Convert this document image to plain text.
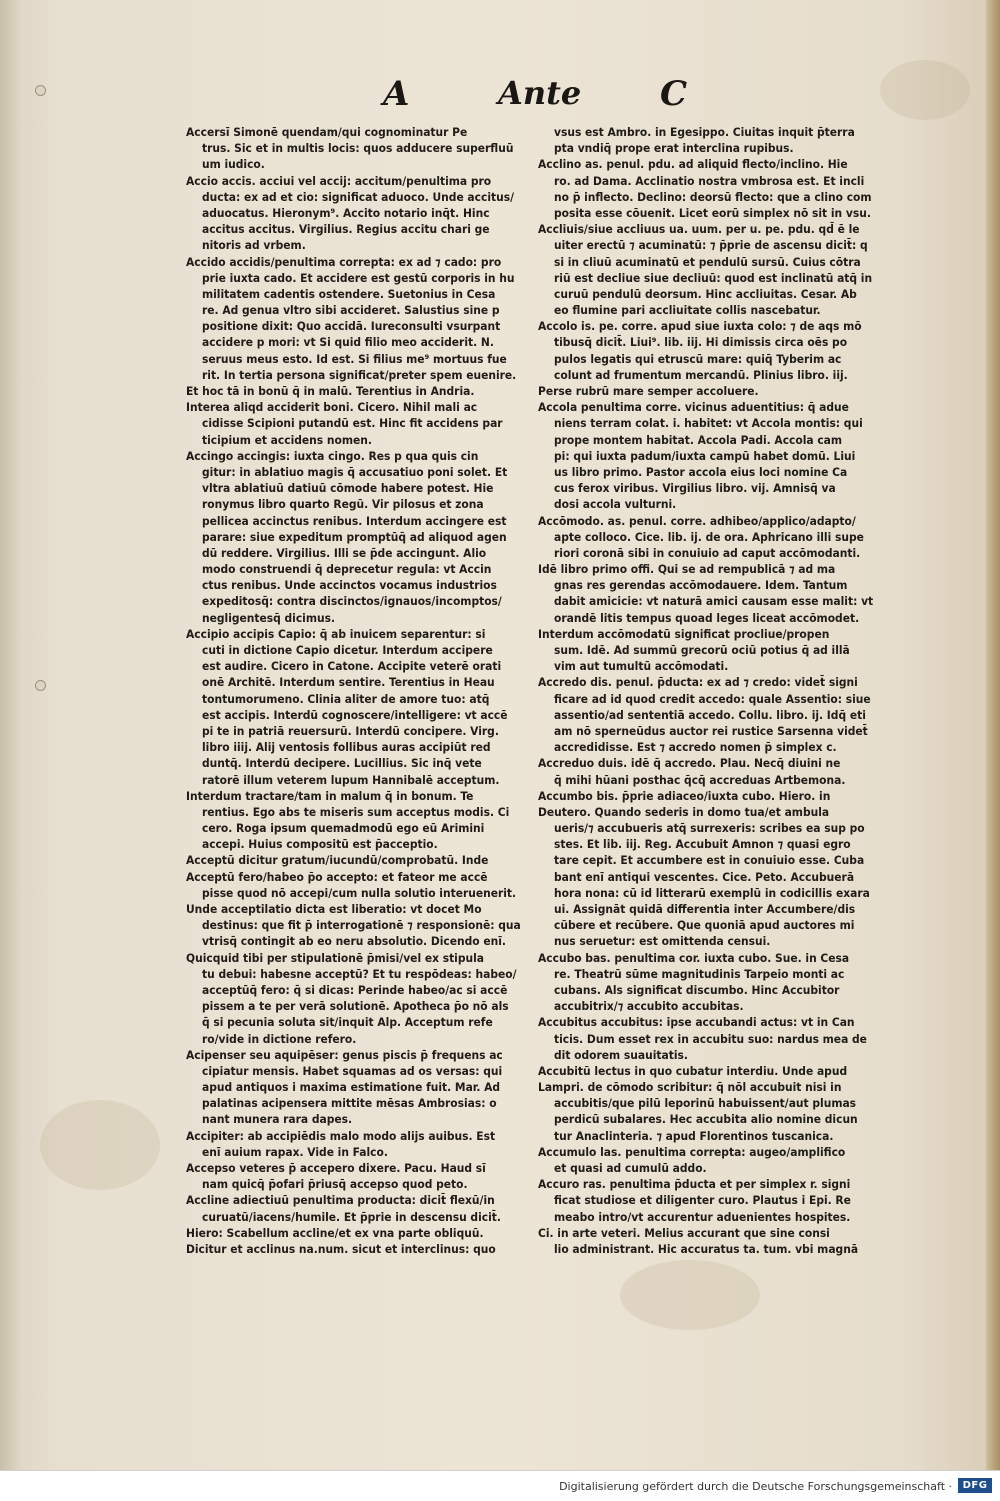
A	Ante C
Accersī Simonē quendam/qui cognominatur Pe
trus. Sic et in multis locis: quos adducere superfluū
um iudico.
Accio accis. acciui vel accij: accitum/penultima pro
ducta: ex ad et cio: significat aduoco. Unde accitus/
aduocatus. Hieronym⁹. Accito notario inq̄t. Hinc
accitus accitus. Virgilius. Regius accitu chari ge
nitoris ad vrbem.
Accido accidis/penultima correpta: ex ad ⁊ cado: pro
prie iuxta cado. Et accidere est gestū corporis in hu
militatem cadentis ostendere. Suetonius in Cesa
re. Ad genua vltro sibi accideret. Salustius sine p
positione dixit: Quo accidā. Iureconsulti vsurpant
accidere p mori: vt Si quid filio meo acciderit. N.
seruus meus esto. Id est. Si filius me⁹ mortuus fue
rit. In tertia persona significat/preter spem euenire.
Et hoc tā in bonū q̄ in malū. Terentius in Andria.
Interea aliqd acciderit boni. Cicero. Nihil mali ac
cidisse Scipioni putandū est. Hinc fit accidens par
ticipium et accidens nomen.
Accingo accingis: iuxta cingo. Res p qua quis cin
gitur: in ablatiuo magis q̄ accusatiuo poni solet. Et
vltra ablatiuū datiuū cōmode habere potest. Hie
ronymus libro quarto Regū. Vir pilosus et zona
pellicea accinctus renibus. Interdum accingere est
parare: siue expeditum promptūq̄ ad aliquod agen
dū reddere. Virgilius. Illi se p̄de accingunt. Alio
modo construendi q̄ deprecetur regula: vt Accin
ctus renibus. Unde accinctos vocamus industrios
expeditosq̄: contra discinctos/ignauos/incomptos/
negligentesq̄ dicimus.
Accipio accipis Capio: q̄ ab inuicem separentur: si
cuti in dictione Capio dicetur. Interdum accipere
est audire. Cicero in Catone. Accipite veterē orati
onē Architē. Interdum sentire. Terentius in Heau
tontumorumeno. Clinia aliter de amore tuo: atq̄
est accipis. Interdū cognoscere/intelligere: vt accē
pi te in patriā reuersurū. Interdū concipere. Virg.
libro iiij. Alij ventosis follibus auras accipiūt red
duntq̄. Interdū decipere. Lucillius. Sic inq̄ vete
ratorē illum veterem lupum Hannibalē acceptum.
Interdum tractare/tam in malum q̄ in bonum. Te
rentius. Ego abs te miseris sum acceptus modis. Ci
cero. Roga ipsum quemadmodū ego eū Arimini
accepi. Huius compositū est p̄acceptio.
Acceptū dicitur gratum/iucundū/comprobatū. Inde
Acceptū fero/habeo p̄o accepto: et fateor me accē
pisse quod nō accepi/cum nulla solutio interuenerit.
Unde acceptilatio dicta est liberatio: vt docet Mo
destinus: que fit p̄ interrogationē ⁊ responsionē: qua
vtrisq̄ contingit ab eo neru absolutio. Dicendo enī.
Quicquid tibi per stipulationē p̄misi/vel ex stipula
tu debui: habesne acceptū? Et tu respōdeas: habeo/
acceptūq̄ fero: q̄ si dicas: Perinde habeo/ac si accē
pissem a te per verā solutionē. Apotheca p̄o nō als
q̄ si pecunia soluta sit/inquit Alp. Acceptum refe
ro/vide in dictione refero.
Acipenser seu aquipēser: genus piscis p̄ frequens ac
cipiatur mensis. Habet squamas ad os versas: qui
apud antiquos i maxima estimatione fuit. Mar. Ad
palatinas acipensera mittite mēsas Ambrosias: o
nant munera rara dapes.
Accipiter: ab accipiēdis malo modo alijs auibus. Est
enī auium rapax. Vide in Falco.
Accepso veteres p̄ accepero dixere. Pacu. Haud sī
nam quicq̄ p̄ofari p̄riusq̄ accepso quod peto.
Accline adiectiuū penultima producta: dicit̄ flexū/in
curuatū/iacens/humile. Et p̄prie in descensu dicit̄.
Hiero: Scabellum accline/et ex vna parte obliquū.
Dicitur et acclinus na.num. sicut et interclinus: quo
vsus est Ambro. in Egesippo. Ciuitas inquit p̄terra
pta vndiq̄ prope erat interclina rupibus.
Acclino as. penul. pdu. ad aliquid flecto/inclino. Hie
ro. ad Dama. Acclinatio nostra vmbrosa est. Et incli
no p̄ inflecto. Declino: deorsū flecto: que a clino com
posita esse cōuenit. Licet eorū simplex nō sit in vsu.
Accliuis/siue accliuus ua. uum. per u. pe. pdu. qd̄ ē le
uiter erectū ⁊ acuminatū: ⁊ p̄prie de ascensu dicit̄: q
si in cliuū acuminatū et pendulū sursū. Cuius cōtra
riū est decliue siue decliuū: quod est inclinatū atq̄ in
curuū pendulū deorsum. Hinc accliuitas. Cesar. Ab
eo flumine pari accliuitate collis nascebatur.
Accolo is. pe. corre. apud siue iuxta colo: ⁊ de aqs mō
tibusq̄ dicit̄. Liui⁹. lib. iij. Hi dimissis circa oēs po
pulos legatis qui etruscū mare: quiq̄ Tyberim ac
colunt ad frumentum mercandū. Plinius libro. iij.
Perse rubrū mare semper accoluere.
Accola penultima corre. vicinus aduentitius: q̄ adue
niens terram colat. i. habitet: vt Accola montis: qui
prope montem habitat. Accola Padi. Accola cam
pi: qui iuxta padum/iuxta campū habet domū. Liui
us libro primo. Pastor accola eius loci nomine Ca
cus ferox viribus. Virgilius libro. vij. Amnisq̄ va
dosi accola vulturni.
Accōmodo. as. penul. corre. adhibeo/applico/adapto/
apte colloco. Cice. lib. ij. de ora. Aphricano illi supe
riori coronā sibi in conuiuio ad caput accōmodanti.
Idē libro primo offi. Qui se ad rempublicā ⁊ ad ma
gnas res gerendas accōmodauere. Idem. Tantum
dabit amicicie: vt naturā amici causam esse malit: vt
orandē litis tempus quoad leges liceat accōmodet.
Interdum accōmodatū significat procliue/propen
sum. Idē. Ad summū grecorū ociū potius q̄ ad illā
vim aut tumultū accōmodati.
Accredo dis. penul. p̄ducta: ex ad ⁊ credo: videt̄ signi
ficare ad id quod credit accedo: quale Assentio: siue
assentio/ad sententiā accedo. Collu. libro. ij. Idq̄ eti
am nō sperneūdus auctor rei rustice Sarsenna videt̄
accredidisse. Est ⁊ accredo nomen p̄ simplex c.
Accreduo duis. idē q̄ accredo. Plau. Necq̄ diuini ne
q̄ mihi hūani posthac q̄cq̄ accreduas Artbemona.
Accumbo bis. p̄prie adiaceo/iuxta cubo. Hiero. in
Deutero. Quando sederis in domo tua/et ambula
ueris/⁊ accubueris atq̄ surrexeris: scribes ea sup po
stes. Et lib. iij. Reg. Accubuit Amnon ⁊ quasi egro
tare cepit. Et accumbere est in conuiuio esse. Cuba
bant enī antiqui vescentes. Cice. Peto. Accubuerā
hora nona: cū id litterarū exemplū in codicillis exara
ui. Assignāt quidā differentia inter Accumbere/dis
cūbere et recūbere. Que quoniā apud auctores mi
nus seruetur: est omittenda censui.
Accubo bas. penultima cor. iuxta cubo. Sue. in Cesa
re. Theatrū sūme magnitudinis Tarpeio monti ac
cubans. Als significat discumbo. Hinc Accubitor
accubitrix/⁊ accubito accubitas.
Accubitus accubitus: ipse accubandi actus: vt in Can
ticis. Dum esset rex in accubitu suo: nardus mea de
dit odorem suauitatis.
Accubitū lectus in quo cubatur interdiu. Unde apud
Lampri. de cōmodo scribitur: q̄ nōl accubuit nisi in
accubitis/que pilū leporinū habuissent/aut plumas
perdicū subalares. Hec accubita alio nomine dicun
tur Anaclinteria. ⁊ apud Florentinos tuscanica.
Accumulo las. penultima correpta: augeo/amplifico
et quasi ad cumulū addo.
Accuro ras. penultima p̄ducta et per simplex r. signi
ficat studiose et diligenter curo. Plautus i Epi. Re
meabo intro/vt accurentur aduenientes hospites.
Ci. in arte veteri. Melius accurant que sine consi
lio administrant. Hic accuratus ta. tum. vbi magnā
Digitalisierung gefördert durch die Deutsche Forschungsgemeinschaft ·	DFG
